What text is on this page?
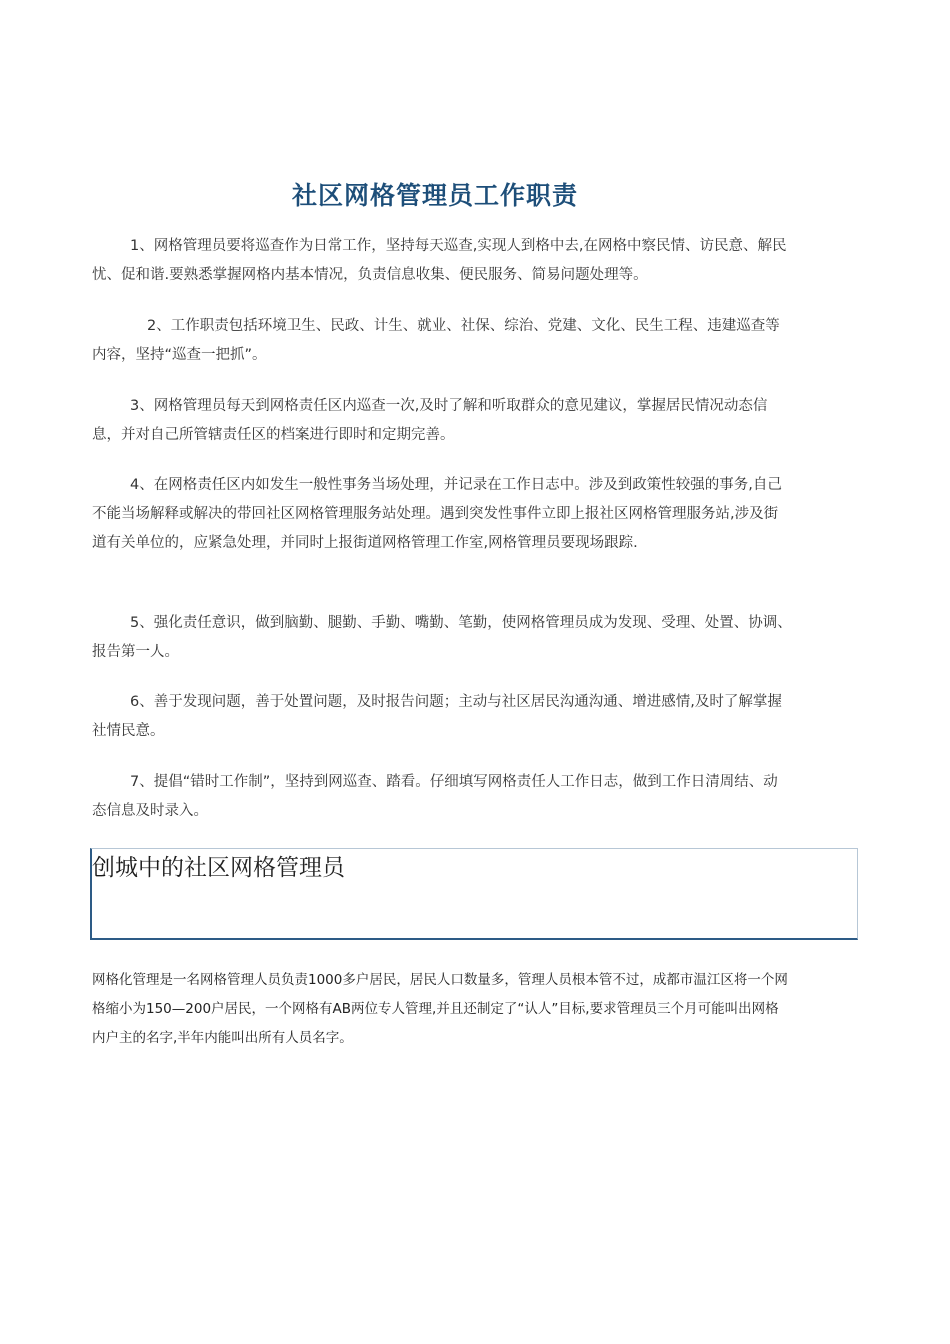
社区网格管理员工作职责

1、网格管理员要将巡查作为日常工作，坚持每天巡查,实现人到格中去,在网格中察民情、访民意、解民忧、促和谐.要熟悉掌握网格内基本情况，负责信息收集、便民服务、简易问题处理等。

2、工作职责包括环境卫生、民政、计生、就业、社保、综治、党建、文化、民生工程、违建巡查等内容，坚持“巡查一把抓”。

3、网格管理员每天到网格责任区内巡查一次,及时了解和听取群众的意见建议，掌握居民情况动态信息，并对自己所管辖责任区的档案进行即时和定期完善。

4、在网格责任区内如发生一般性事务当场处理，并记录在工作日志中。涉及到政策性较强的事务,自己不能当场解释或解决的带回社区网格管理服务站处理。遇到突发性事件立即上报社区网格管理服务站,涉及街道有关单位的，应紧急处理，并同时上报街道网格管理工作室,网格管理员要现场跟踪.

5、强化责任意识，做到脑勤、腿勤、手勤、嘴勤、笔勤，使网格管理员成为发现、受理、处置、协调、报告第一人。

6、善于发现问题，善于处置问题，及时报告问题；主动与社区居民沟通沟通、增进感情,及时了解掌握社情民意。

7、提倡“错时工作制”，坚持到网巡查、踏看。仔细填写网格责任人工作日志，做到工作日清周结、动态信息及时录入。

创城中的社区网格管理员

网格化管理是一名网格管理人员负责1000多户居民，居民人口数量多，管理人员根本管不过，成都市温江区将一个网格缩小为150—200户居民，一个网格有AB两位专人管理,并且还制定了“认人”目标,要求管理员三个月可能叫出网格内户主的名字,半年内能叫出所有人员名字。
